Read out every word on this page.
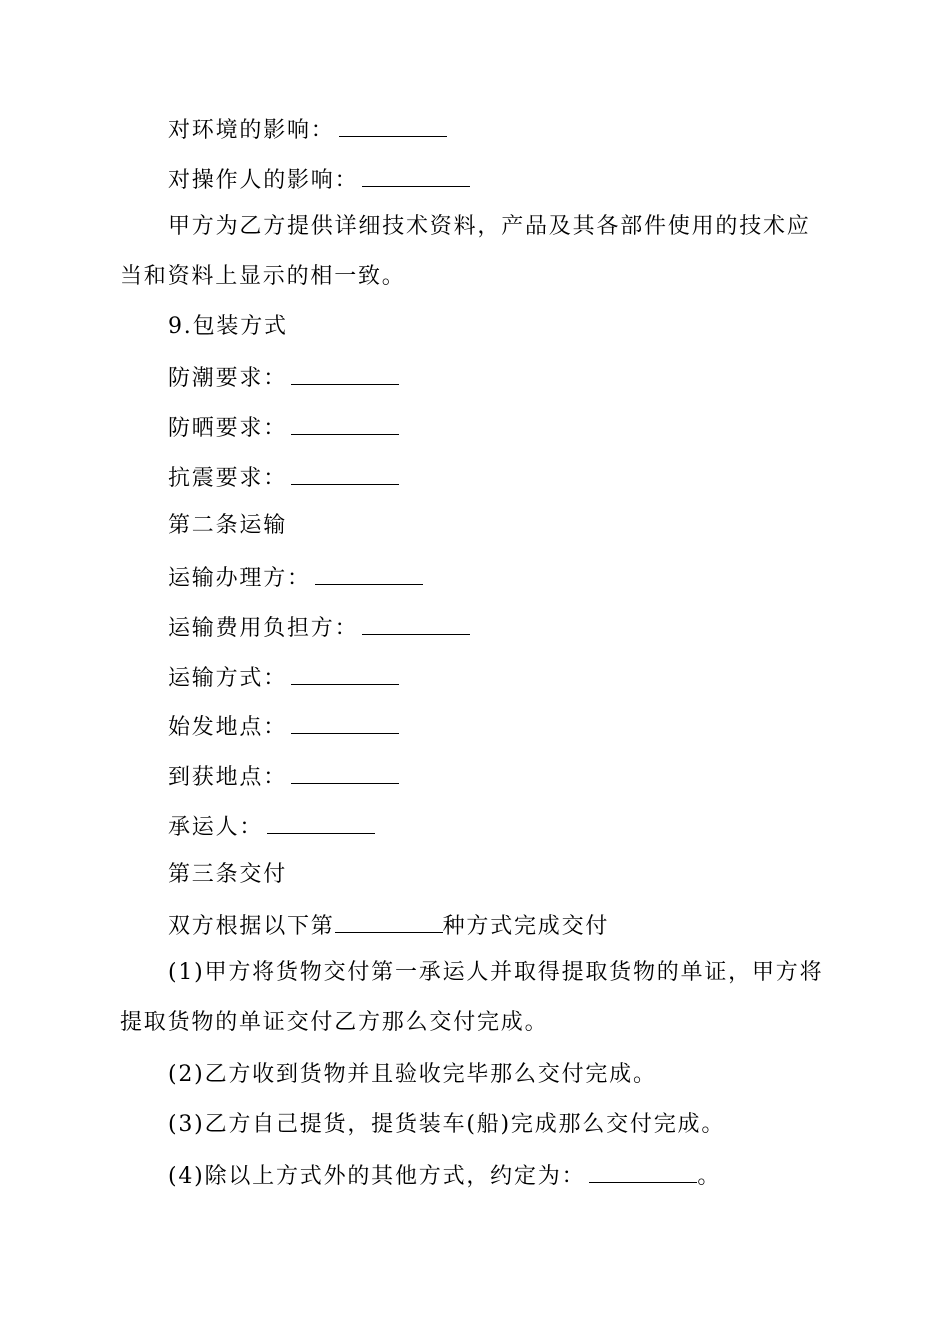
对环境的影响：
对操作人的影响：
甲方为乙方提供详细技术资料，产品及其各部件使用的技术应当和资料上显示的相一致。
9.包装方式
防潮要求：
防晒要求：
抗震要求：
第二条运输
运输办理方：
运输费用负担方：
运输方式：
始发地点：
到获地点：
承运人：
第三条交付
双方根据以下第	种方式完成交付
(1)甲方将货物交付第一承运人并取得提取货物的单证，甲方将提取货物的单证交付乙方那么交付完成。
(2)乙方收到货物并且验收完毕那么交付完成。
(3)乙方自己提货，提货装车(船)完成那么交付完成。
(4)除以上方式外的其他方式，约定为：	。
